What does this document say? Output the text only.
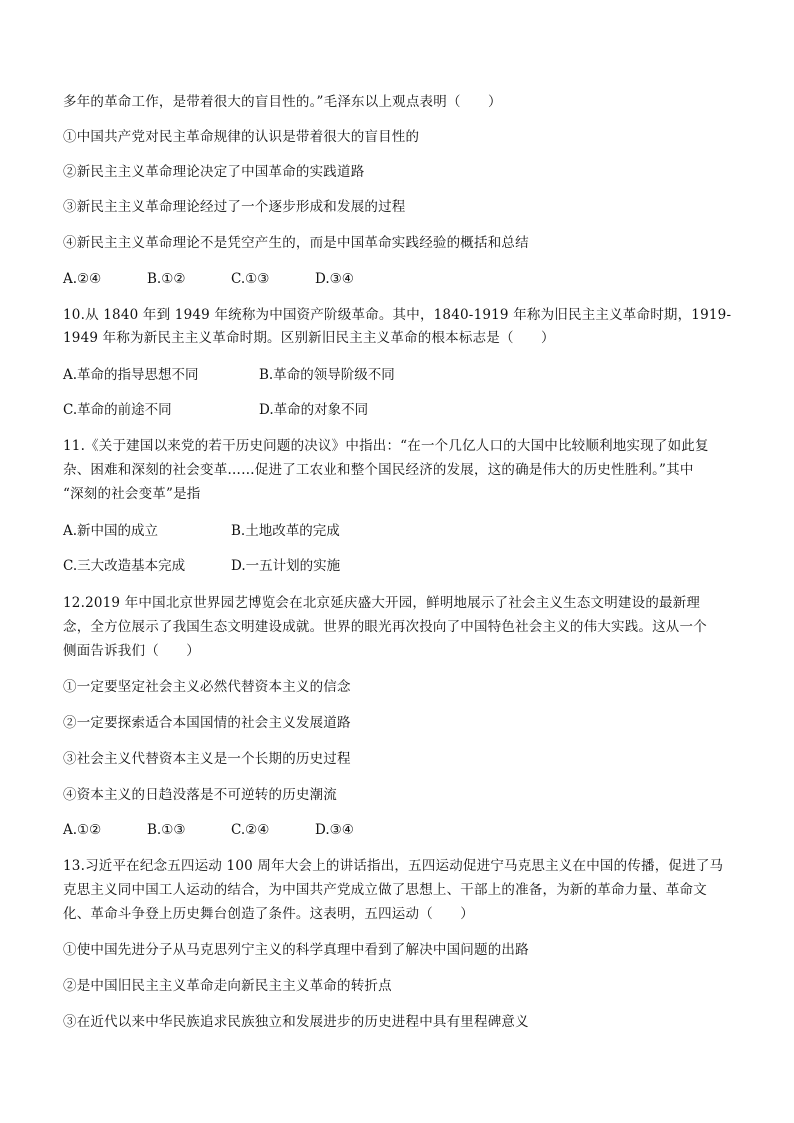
多年的革命工作，是带着很大的盲目性的。”毛泽东以上观点表明（　　）
①中国共产党对民主革命规律的认识是带着很大的盲目性的
②新民主主义革命理论决定了中国革命的实践道路
③新民主主义革命理论经过了一个逐步形成和发展的过程
④新民主主义革命理论不是凭空产生的，而是中国革命实践经验的概括和总结
A.②④	B.①②	C.①③	D.③④
10.从 1840 年到 1949 年统称为中国资产阶级革命。其中，1840-1919 年称为旧民主主义革命时期，1919-
1949 年称为新民主主义革命时期。区别新旧民主主义革命的根本标志是（　　）
A.革命的指导思想不同	B.革命的领导阶级不同
C.革命的前途不同	D.革命的对象不同
11.《关于建国以来党的若干历史问题的决议》中指出：“在一个几亿人口的大国中比较顺利地实现了如此复
杂、困难和深刻的社会变革……促进了工农业和整个国民经济的发展，这的确是伟大的历史性胜利。”其中
“深刻的社会变革”是指
A.新中国的成立	B.土地改革的完成
C.三大改造基本完成	D.一五计划的实施
12.2019 年中国北京世界园艺博览会在北京延庆盛大开园，鲜明地展示了社会主义生态文明建设的最新理
念，全方位展示了我国生态文明建设成就。世界的眼光再次投向了中国特色社会主义的伟大实践。这从一个
侧面告诉我们（　　）
①一定要坚定社会主义必然代替资本主义的信念
②一定要探索适合本国国情的社会主义发展道路
③社会主义代替资本主义是一个长期的历史过程
④资本主义的日趋没落是不可逆转的历史潮流
A.①②	B.①③	C.②④	D.③④
13.习近平在纪念五四运动 100 周年大会上的讲话指出，五四运动促进宁马克思主义在中国的传播，促进了马
克思主义同中国工人运动的结合，为中国共产党成立做了思想上、干部上的准备，为新的革命力量、革命文
化、革命斗争登上历史舞台创造了条件。这表明，五四运动（　　）
①使中国先进分子从马克思列宁主义的科学真理中看到了解决中国问题的出路
②是中国旧民主主义革命走向新民主主义革命的转折点
③在近代以来中华民族追求民族独立和发展进步的历史进程中具有里程碑意义
